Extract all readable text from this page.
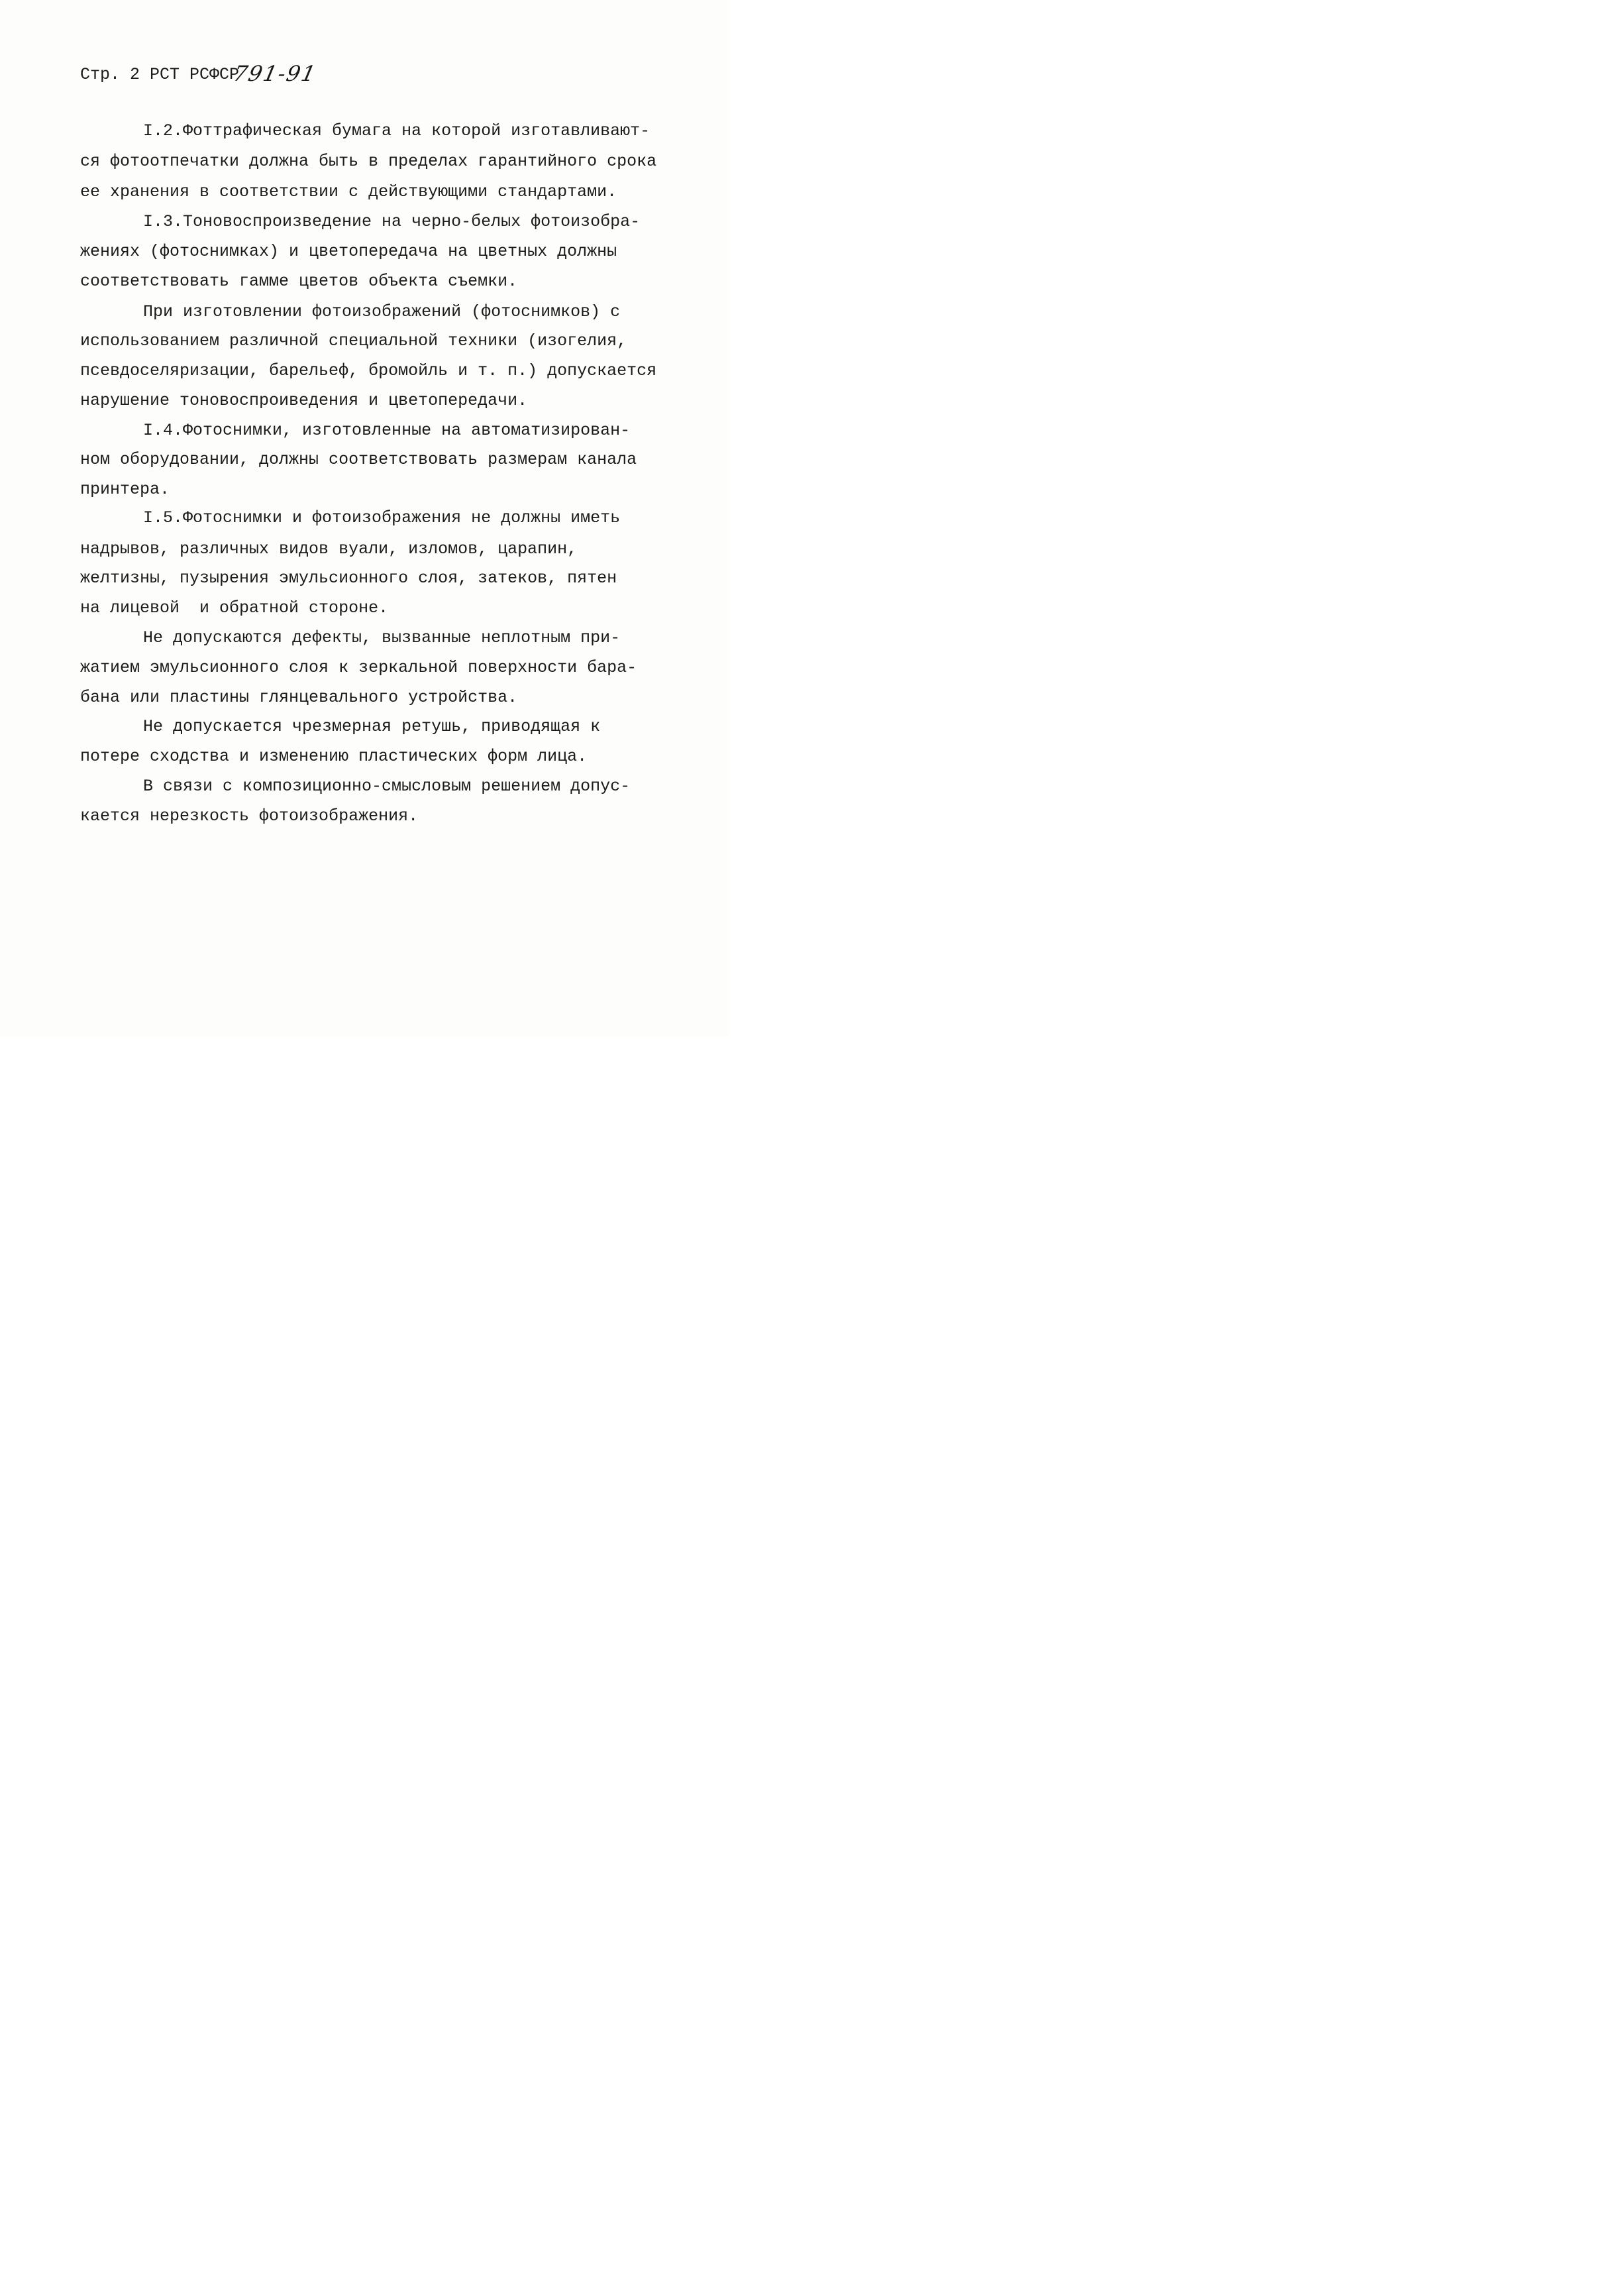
Стр. 2 РСТ РСФСР
791-91
I.2.Фоттрафическая бумага на которой изготавливают-
ся фотоотпечатки должна быть в пределах гарантийного срока
ее хранения в соответствии с действующими стандартами.
I.3.Тоновоспроизведение на черно-белых фотоизобра-
жениях (фотоснимках) и цветопередача на цветных должны
соответствовать гамме цветов объекта съемки.
При изготовлении фотоизображений (фотоснимков) с
использованием различной специальной техники (изогелия,
псевдоселяризации, барельеф, бромойль и т. п.) допускается
нарушение тоновоспроиведения и цветопередачи.
I.4.Фотоснимки, изготовленные на автоматизирован-
ном оборудовании, должны соответствовать размерам канала
принтера.
I.5.Фотоснимки и фотоизображения не должны иметь
надрывов, различных видов вуали, изломов, царапин,
желтизны, пузырения эмульсионного слоя, затеков, пятен
на лицевой  и обратной стороне.
Не допускаются дефекты, вызванные неплотным при-
жатием эмульсионного слоя к зеркальной поверхности бара-
бана или пластины глянцевального устройства.
Не допускается чрезмерная ретушь, приводящая к
потере сходства и изменению пластических форм лица.
В связи с композиционно-смысловым решением допус-
кается нерезкость фотоизображения.
